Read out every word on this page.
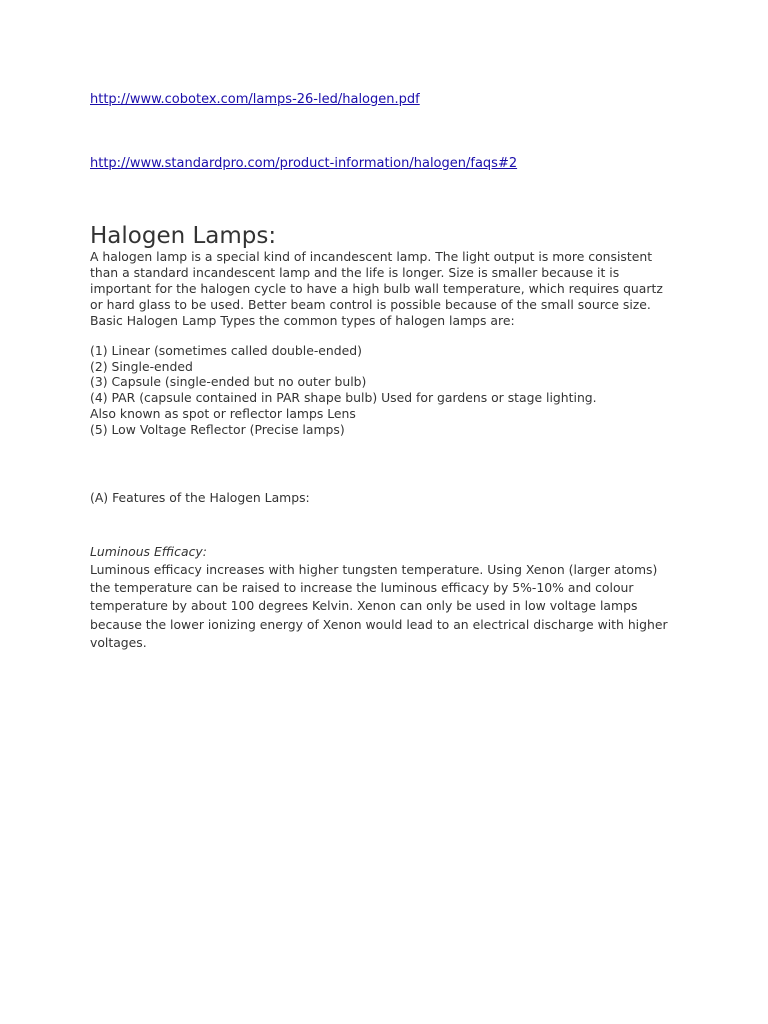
http://www.cobotex.com/lamps-26-led/halogen.pdf
http://www.standardpro.com/product-information/halogen/faqs#2
Halogen Lamps:

A halogen lamp is a special kind of incandescent lamp. The light output is more consistent

than a standard incandescent lamp and the life is longer. Size is smaller because it is

important for the halogen cycle to have a high bulb wall temperature, which requires quartz

or hard glass to be used. Better beam control is possible because of the small source size.

Basic Halogen Lamp Types the common types of halogen lamps are:

(1) Linear (sometimes called double-ended)
(2) Single-ended
(3) Capsule (single-ended but no outer bulb)
(4) PAR (capsule contained in PAR shape bulb) Used for gardens or stage lighting.
Also known as spot or reflector lamps Lens
(5) Low Voltage Reflector (Precise lamps)
(A) Features of the Halogen Lamps:
Luminous Efficacy:

Luminous efficacy increases with higher tungsten temperature. Using Xenon (larger atoms)

the temperature can be raised to increase the luminous efficacy by 5%-10% and colour

temperature by about 100 degrees Kelvin. Xenon can only be used in low voltage lamps

because the lower ionizing energy of Xenon would lead to an electrical discharge with higher

voltages.
